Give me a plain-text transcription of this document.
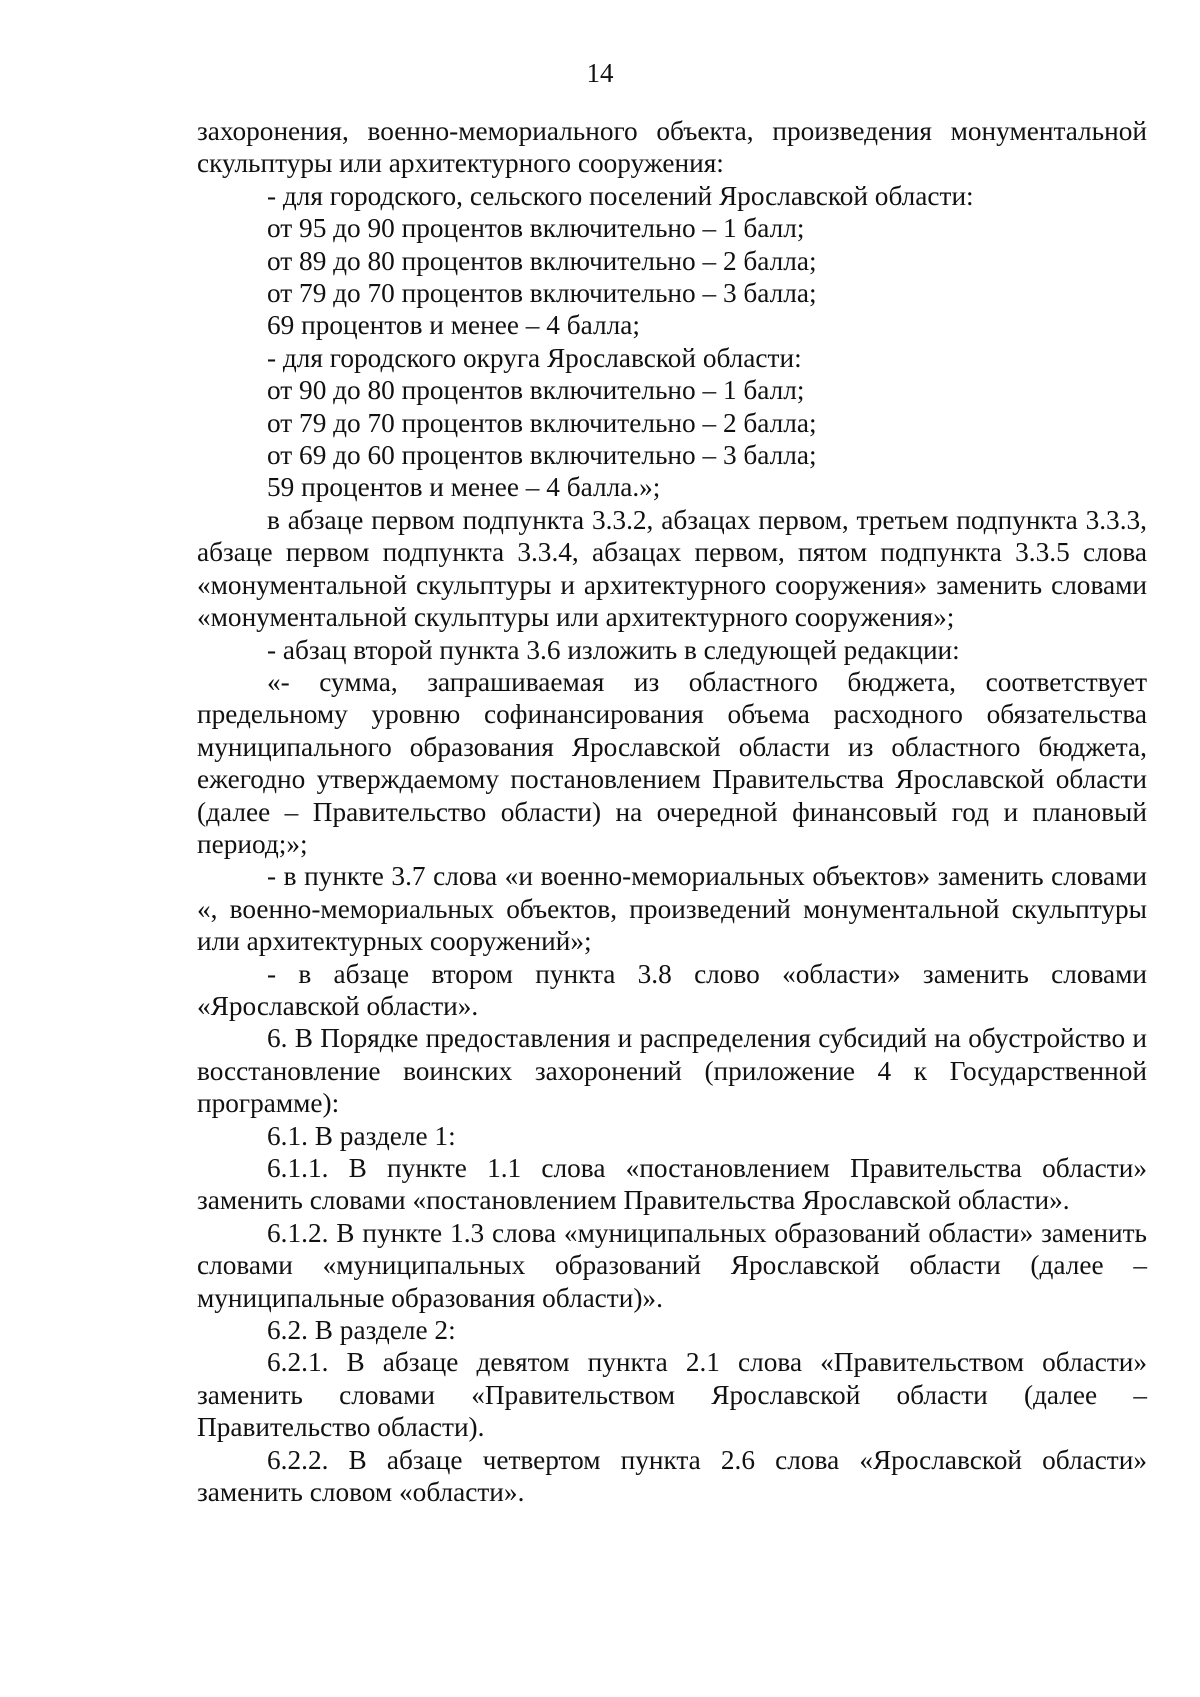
14

захоронения, военно-мемориального объекта, произведения монументальной скульптуры или архитектурного сооружения:

- для городского, сельского поселений Ярославской области:

от 95 до 90 процентов включительно – 1 балл;

от 89 до 80 процентов включительно – 2 балла;

от 79 до 70 процентов включительно – 3 балла;

69 процентов и менее – 4 балла;

- для городского округа Ярославской области:

от 90 до 80 процентов включительно – 1 балл;

от 79 до 70 процентов включительно – 2 балла;

от 69 до 60 процентов включительно – 3 балла;

59 процентов и менее – 4 балла.»;

в абзаце первом подпункта 3.3.2, абзацах первом, третьем подпункта 3.3.3, абзаце первом подпункта 3.3.4, абзацах первом, пятом подпункта 3.3.5 слова «монументальной скульптуры и архитектурного сооружения» заменить словами «монументальной скульптуры или архитектурного сооружения»;

- абзац второй пункта 3.6 изложить в следующей редакции:

«- сумма, запрашиваемая из областного бюджета, соответствует предельному уровню софинансирования объема расходного обязательства муниципального образования Ярославской области из областного бюджета, ежегодно утверждаемому постановлением Правительства Ярославской области (далее – Правительство области) на очередной финансовый год и плановый период;»;

- в пункте 3.7 слова «и военно-мемориальных объектов» заменить словами «, военно-мемориальных объектов, произведений монументальной скульптуры или архитектурных сооружений»;

- в абзаце втором пункта 3.8 слово «области» заменить словами «Ярославской области».

6. В Порядке предоставления и распределения субсидий на обустройство и восстановление воинских захоронений (приложение 4 к Государственной программе):

6.1. В разделе 1:

6.1.1. В пункте 1.1 слова «постановлением Правительства области» заменить словами «постановлением Правительства Ярославской области».

6.1.2. В пункте 1.3 слова «муниципальных образований области» заменить словами «муниципальных образований Ярославской области (далее – муниципальные образования области)».

6.2. В разделе 2:

6.2.1. В абзаце девятом пункта 2.1 слова «Правительством области» заменить словами «Правительством Ярославской области (далее – Правительство области).

6.2.2. В абзаце четвертом пункта 2.6 слова «Ярославской области» заменить словом «области».
